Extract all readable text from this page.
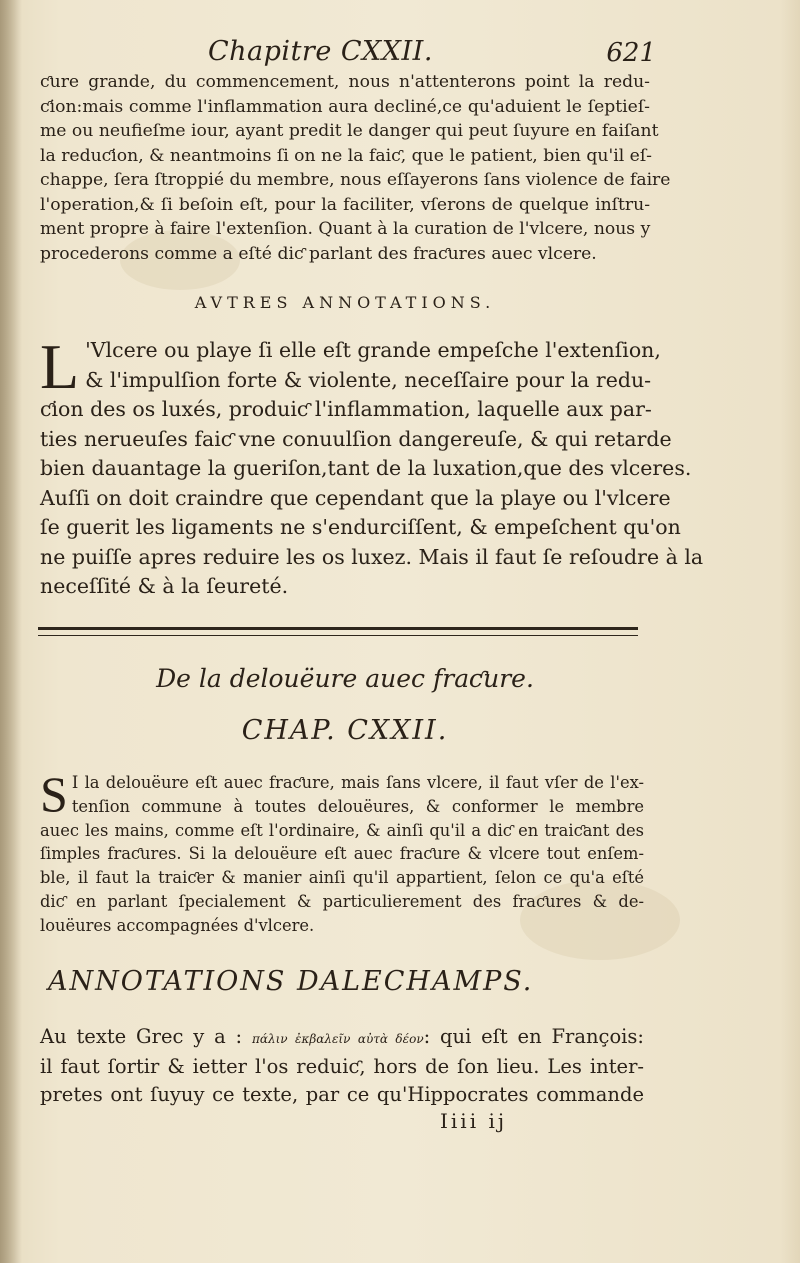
Chapitre CXXII.	621
ƈure grande, du commencement, nous n'attenterons point la redu-
ƈion:mais comme l'inflammation aura decliné,ce qu'aduient le ſeptieſ-
me ou neufieſme iour, ayant predit le danger qui peut ſuyure en faiſant
la reduƈion, & neantmoins ſi on ne la faiƈ, que le patient, bien qu'il eſ-
chappe, ſera ſtroppié du membre, nous eſſayerons ſans violence de faire
l'operation,& ſi beſoin eſt, pour la faciliter, vſerons de quelque inſtru-
ment propre à faire l'extenſion. Quant à la curation de l'vlcere, nous y
procederons comme a eſté diƈ parlant des fraƈures auec vlcere.
AVTRES ANNOTATIONS.
L 'Vlcere ou playe ſi elle eſt grande empeſche l'extenſion,
& l'impulſion forte & violente, neceſſaire pour la redu-
ƈion des os luxés, produiƈ l'inflammation, laquelle aux par-
ties nerueuſes faiƈ vne conuulſion dangereuſe, & qui retarde
bien dauantage la gueriſon,tant de la luxation,que des vlceres.
Auſſi on doit craindre que cependant que la playe ou l'vlcere
ſe guerit les ligaments ne s'endurciſſent, & empeſchent qu'on
ne puiſſe apres reduire les os luxez. Mais il faut ſe reſoudre à la
neceſſité & à la ſeureté.
De la delouëure auec fraƈure.
CHAP. CXXII.
S I la delouëure eſt auec fraƈure, mais ſans vlcere, il faut vſer de l'ex-
tenſion commune à toutes delouëures, & conformer le membre
auec les mains, comme eſt l'ordinaire, & ainſi qu'il a diƈ en traiƈant des
ſimples fraƈures. Si la delouëure eſt auec fraƈure & vlcere tout enſem-
ble, il faut la traiƈer & manier ainſi qu'il appartient, ſelon ce qu'a eſté
diƈ en parlant ſpecialement & particulierement des fraƈures & de-
louëures accompagnées d'vlcere.
ANNOTATIONS DALECHAMPS.
Au texte Grec y a : πάλιν ἐκβαλεῖν αὐτὰ δέον: qui eſt en François:
il faut ſortir & ietter l'os reduiƈ, hors de ſon lieu. Les inter-
pretes ont ſuyuy ce texte, par ce qu'Hippocrates commande
Iiii ij
